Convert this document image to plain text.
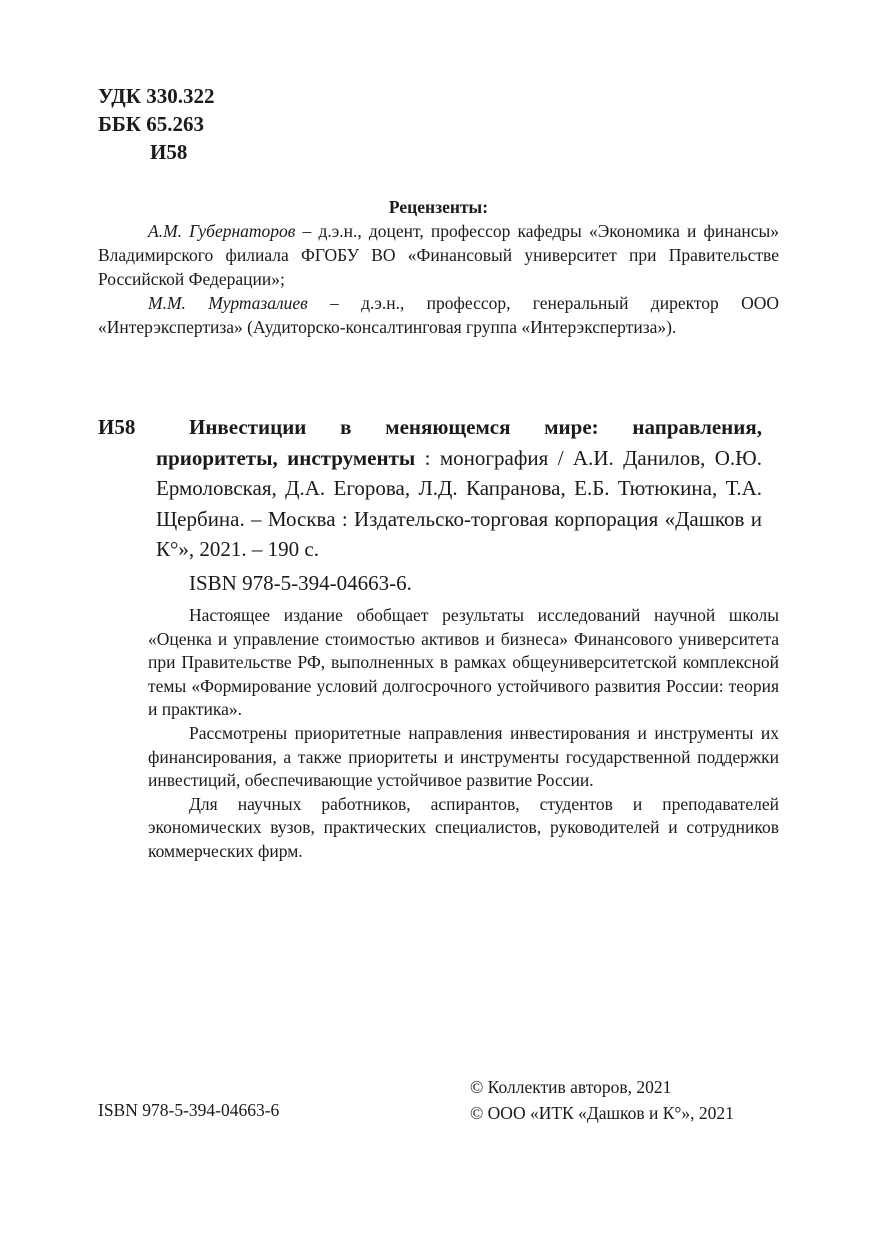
УДК 330.322
ББК 65.263
И58
Рецензенты:
А.М. Губернаторов – д.э.н., доцент, профессор кафедры «Экономика и финансы» Владимирского филиала ФГОБУ ВО «Финансовый университет при Правительстве Российской Федерации»;
М.М. Муртазалиев – д.э.н., профессор, генеральный директор ООО «Интерэкспертиза» (Аудиторско-консалтинговая группа «Интерэкспертиза»).
И58	Инвестиции в меняющемся мире: направления, приоритеты, инструменты : монография / А.И. Данилов, О.Ю. Ермоловская, Д.А. Егорова, Л.Д. Капранова, Е.Б. Тютюкина, Т.А. Щербина. – Москва : Издательско-торговая корпорация «Дашков и К°», 2021. – 190 с.
ISBN 978-5-394-04663-6.

Настоящее издание обобщает результаты исследований научной школы «Оценка и управление стоимостью активов и бизнеса» Финансового университета при Правительстве РФ, выполненных в рамках общеуниверситетской комплексной темы «Формирование условий долгосрочного устойчивого развития России: теория и практика».

Рассмотрены приоритетные направления инвестирования и инструменты их финансирования, а также приоритеты и инструменты государственной поддержки инвестиций, обеспечивающие устойчивое развитие России.

Для научных работников, аспирантов, студентов и преподавателей экономических вузов, практических специалистов, руководителей и сотрудников коммерческих фирм.

ISBN 978-5-394-04663-6
© Коллектив авторов, 2021
© ООО «ИТК «Дашков и К°», 2021
